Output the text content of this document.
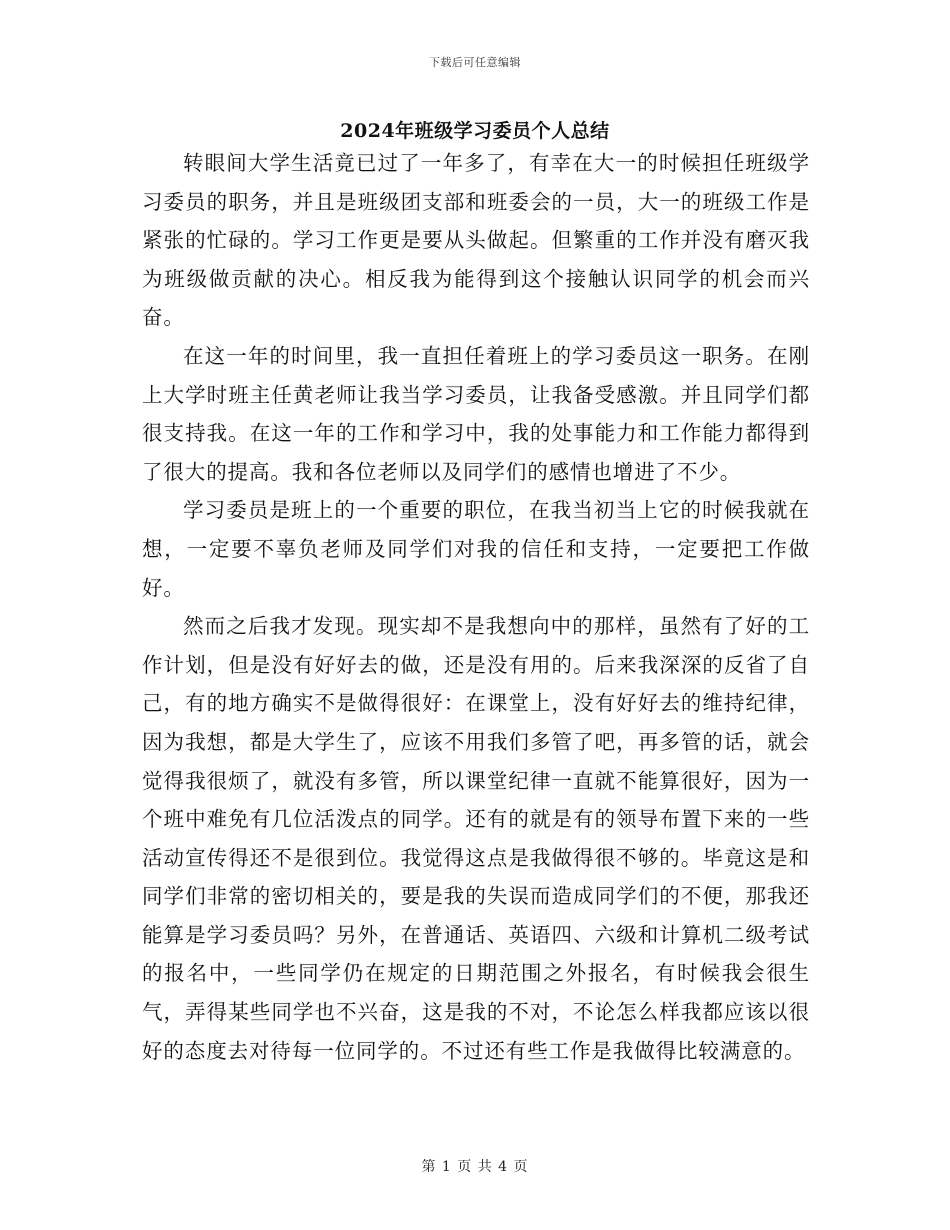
下载后可任意编辑
2024年班级学习委员个人总结

转眼间大学生活竟已过了一年多了，有幸在大一的时候担任班级学习委员的职务，并且是班级团支部和班委会的一员，大一的班级工作是紧张的忙碌的。学习工作更是要从头做起。但繁重的工作并没有磨灭我为班级做贡献的决心。相反我为能得到这个接触认识同学的机会而兴奋。

在这一年的时间里，我一直担任着班上的学习委员这一职务。在刚上大学时班主任黄老师让我当学习委员，让我备受感激。并且同学们都很支持我。在这一年的工作和学习中，我的处事能力和工作能力都得到了很大的提高。我和各位老师以及同学们的感情也增进了不少。

学习委员是班上的一个重要的职位，在我当初当上它的时候我就在想，一定要不辜负老师及同学们对我的信任和支持，一定要把工作做好。

然而之后我才发现。现实却不是我想向中的那样，虽然有了好的工作计划，但是没有好好去的做，还是没有用的。后来我深深的反省了自己，有的地方确实不是做得很好：在课堂上，没有好好去的维持纪律，因为我想，都是大学生了，应该不用我们多管了吧，再多管的话，就会觉得我很烦了，就没有多管，所以课堂纪律一直就不能算很好，因为一个班中难免有几位活泼点的同学。还有的就是有的领导布置下来的一些活动宣传得还不是很到位。我觉得这点是我做得很不够的。毕竟这是和同学们非常的密切相关的，要是我的失误而造成同学们的不便，那我还能算是学习委员吗？另外，在普通话、英语四、六级和计算机二级考试的报名中，一些同学仍在规定的日期范围之外报名，有时候我会很生气，弄得某些同学也不兴奋，这是我的不对，不论怎么样我都应该以很好的态度去对待每一位同学的。不过还有些工作是我做得比较满意的。

第 1 页 共 4 页
